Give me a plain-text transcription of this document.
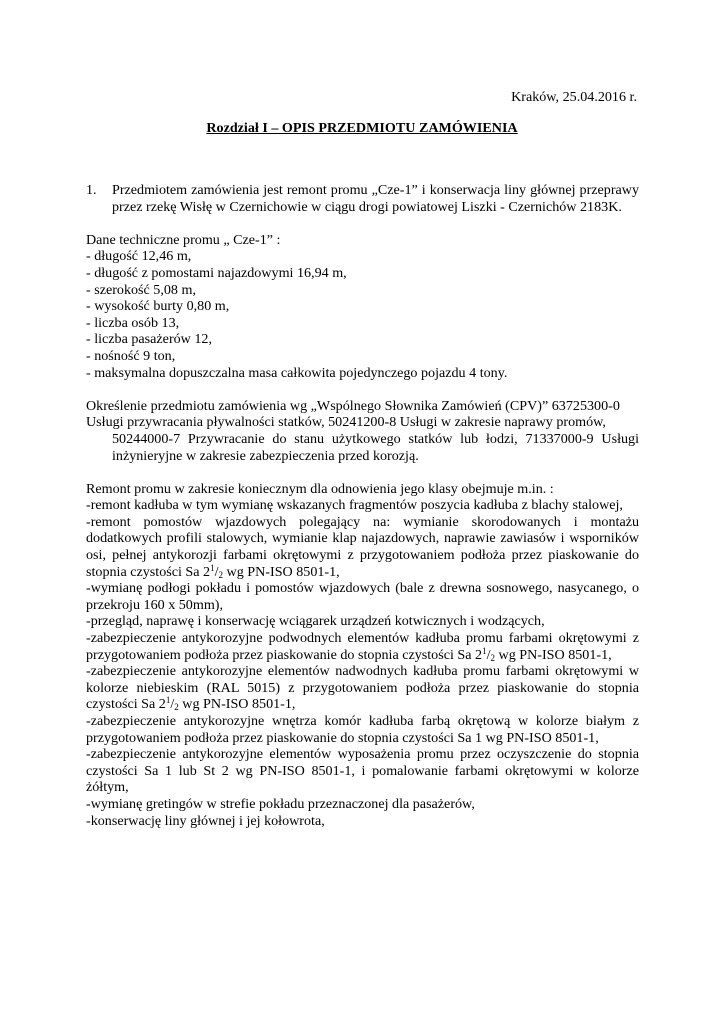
Kraków, 25.04.2016 r.

Rozdział I – OPIS PRZEDMIOTU ZAMÓWIENIA

1. Przedmiotem zamówienia jest remont promu „Cze-1” i konserwacja liny głównej przeprawy przez rzekę Wisłę w Czernichowie w ciągu drogi powiatowej Liszki - Czernichów 2183K.

Dane techniczne promu „ Cze-1” :

- długość 12,46 m,
- długość z pomostami najazdowymi 16,94 m,
- szerokość 5,08 m,
- wysokość burty 0,80 m,
- liczba osób 13,
- liczba pasażerów 12,
- nośność 9 ton,
- maksymalna dopuszczalna masa całkowita pojedynczego pojazdu 4 tony.

Określenie przedmiotu zamówienia wg „Wspólnego Słownika Zamówień (CPV)” 63725300-0

Usługi przywracania pływalności statków, 50241200-8 Usługi w zakresie naprawy promów,

50244000-7 Przywracanie do stanu użytkowego statków lub łodzi, 71337000-9 Usługi inżynieryjne w zakresie zabezpieczenia przed korozją.

Remont promu w zakresie koniecznym dla odnowienia jego klasy obejmuje m.in. :

-remont kadłuba w tym wymianę wskazanych fragmentów poszycia kadłuba z blachy stalowej,

-remont pomostów wjazdowych polegający na: wymianie skorodowanych i montażu dodatkowych profili stalowych, wymianie klap najazdowych, naprawie zawiasów i wsporników osi, pełnej antykorozji farbami okrętowymi z przygotowaniem podłoża przez piaskowanie do stopnia czystości Sa $2^1/_2$ wg PN-ISO 8501-1,

-wymianę podłogi pokładu i pomostów wjazdowych (bale z drewna sosnowego, nasycanego, o przekroju 160 x 50mm),

-przegląd, naprawę i konserwację wciągarek urządzeń kotwicznych i wodzących,

-zabezpieczenie antykorozyjne podwodnych elementów kadłuba promu farbami okrętowymi z przygotowaniem podłoża przez piaskowanie do stopnia czystości Sa $2^1/_2$ wg PN-ISO 8501-1,

-zabezpieczenie antykorozyjne elementów nadwodnych kadłuba promu farbami okrętowymi w kolorze niebieskim (RAL 5015) z przygotowaniem podłoża przez piaskowanie do stopnia czystości Sa $2^1/_2$ wg PN-ISO 8501-1,

-zabezpieczenie antykorozyjne wnętrza komór kadłuba farbą okrętową w kolorze białym z przygotowaniem podłoża przez piaskowanie do stopnia czystości Sa 1 wg PN-ISO 8501-1,

-zabezpieczenie antykorozyjne elementów wyposażenia promu przez oczyszczenie do stopnia czystości Sa 1 lub St 2 wg PN-ISO 8501-1, i pomalowanie farbami okrętowymi w kolorze żółtym,

-wymianę gretingów w strefie pokładu przeznaczonej dla pasażerów,

-konserwację liny głównej i jej kołowrota,
